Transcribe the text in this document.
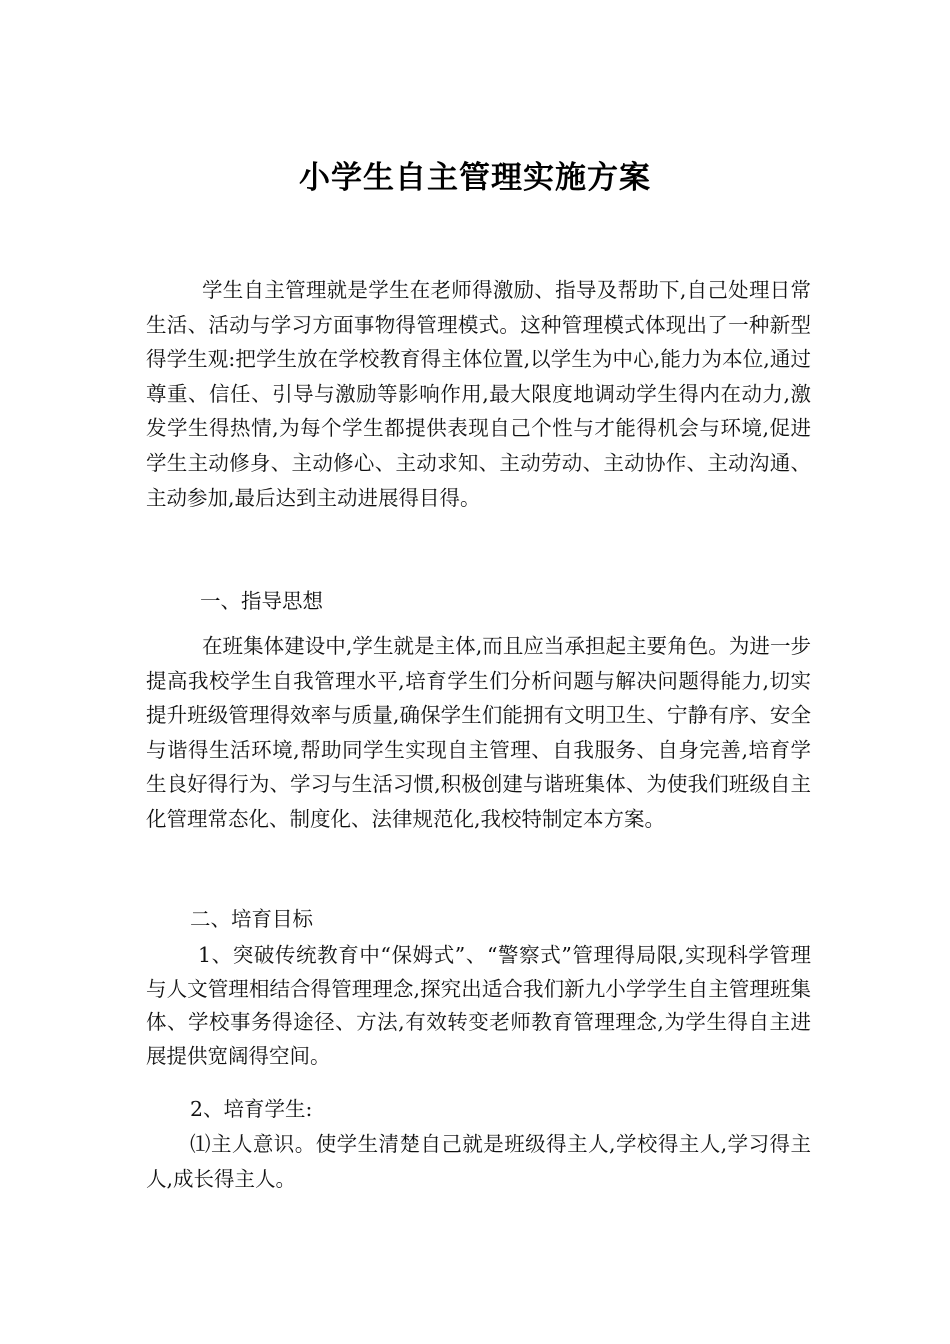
小学生自主管理实施方案
学生自主管理就是学生在老师得激励、指导及帮助下,自己处理日常生活、活动与学习方面事物得管理模式。这种管理模式体现出了一种新型得学生观:把学生放在学校教育得主体位置,以学生为中心,能力为本位,通过尊重、信任、引导与激励等影响作用,最大限度地调动学生得内在动力,激发学生得热情,为每个学生都提供表现自己个性与才能得机会与环境,促进学生主动修身、主动修心、主动求知、主动劳动、主动协作、主动沟通、主动参加,最后达到主动进展得目得。
一、指导思想
在班集体建设中,学生就是主体,而且应当承担起主要角色。为进一步提高我校学生自我管理水平,培育学生们分析问题与解决问题得能力,切实提升班级管理得效率与质量,确保学生们能拥有文明卫生、宁静有序、安全与谐得生活环境,帮助同学生实现自主管理、自我服务、自身完善,培育学生良好得行为、学习与生活习惯,积极创建与谐班集体、为使我们班级自主化管理常态化、制度化、法律规范化,我校特制定本方案。
二、培育目标
1、突破传统教育中“保姆式”、“警察式”管理得局限,实现科学管理与人文管理相结合得管理理念,探究出适合我们新九小学学生自主管理班集体、学校事务得途径、方法,有效转变老师教育管理理念,为学生得自主进展提供宽阔得空间。
2、培育学生:
⑴主人意识。使学生清楚自己就是班级得主人,学校得主人,学习得主人,成长得主人。
